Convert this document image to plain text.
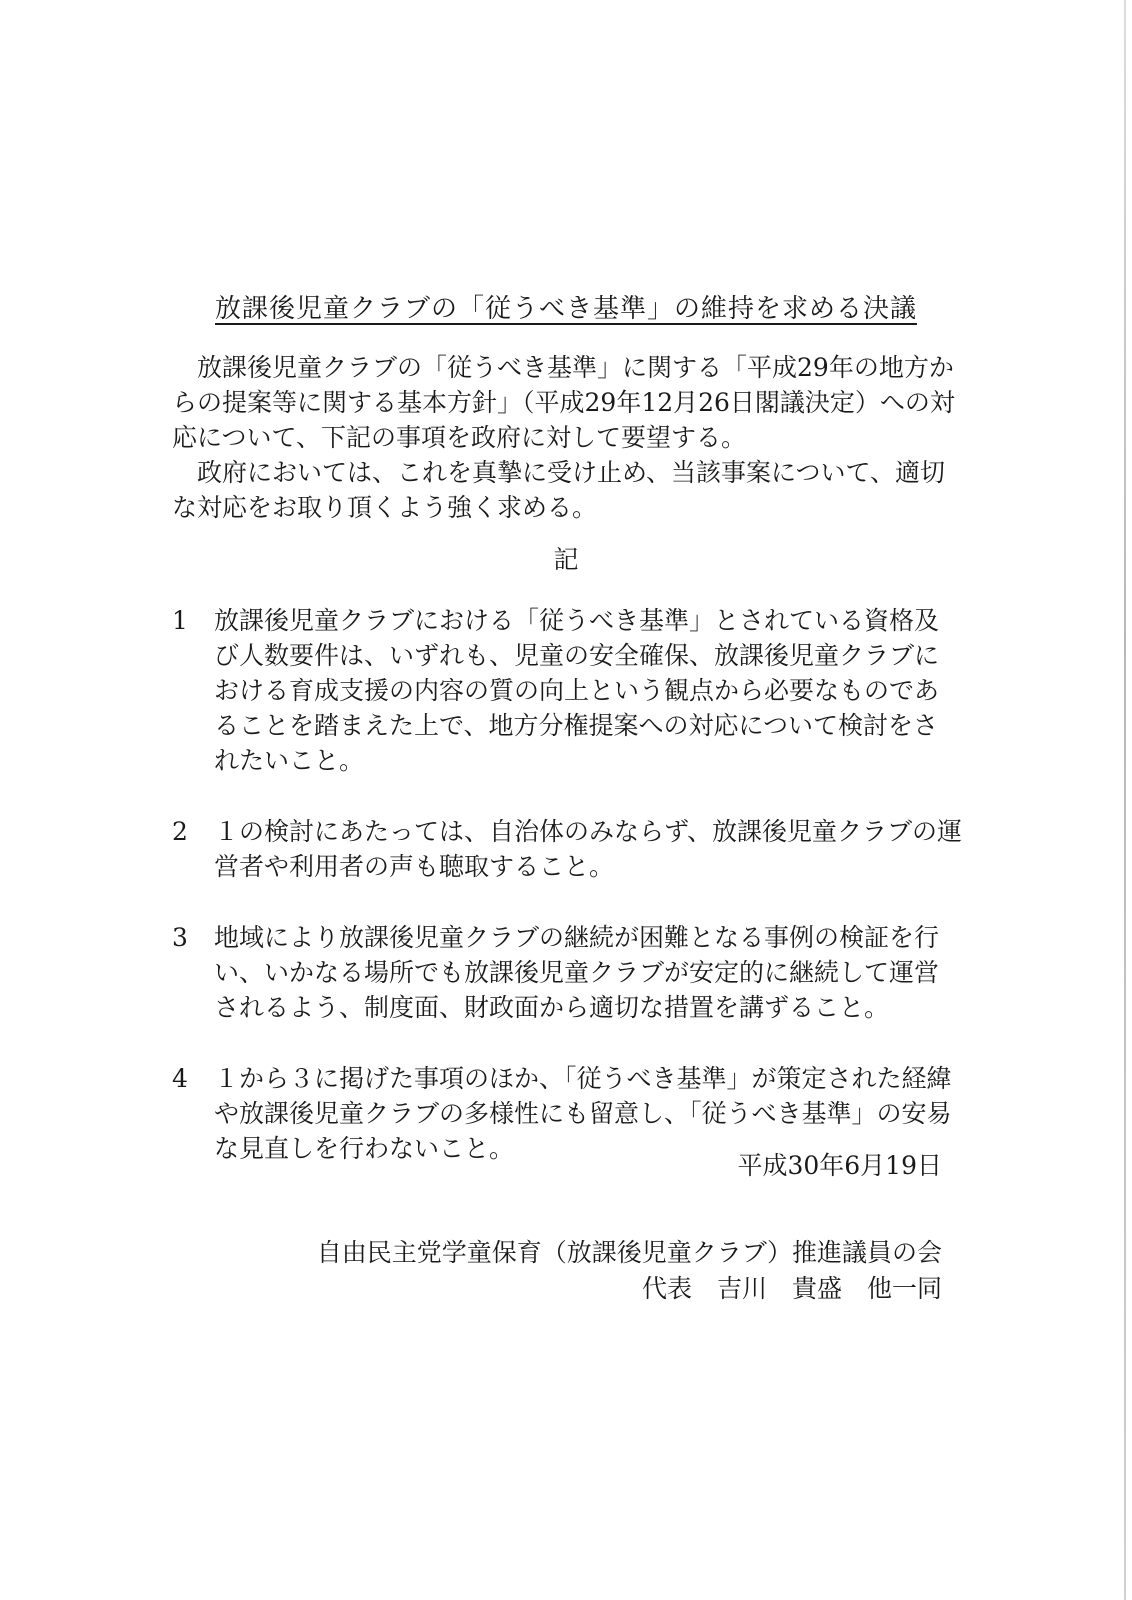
放課後児童クラブの「従うべき基準」の維持を求める決議

放課後児童クラブの「従うべき基準」に関する「平成29年の地方からの提案等に関する基本方針」（平成29年12月26日閣議決定）への対応について、下記の事項を政府に対して要望する。

政府においては、これを真摯に受け止め、当該事案について、適切な対応をお取り頂くよう強く求める。

記
1	放課後児童クラブにおける「従うべき基準」とされている資格及び人数要件は、いずれも、児童の安全確保、放課後児童クラブにおける育成支援の内容の質の向上という観点から必要なものであることを踏まえた上で、地方分権提案への対応について検討をされたいこと。
2	１の検討にあたっては、自治体のみならず、放課後児童クラブの運営者や利用者の声も聴取すること。
3	地域により放課後児童クラブの継続が困難となる事例の検証を行い、いかなる場所でも放課後児童クラブが安定的に継続して運営されるよう、制度面、財政面から適切な措置を講ずること。
4	１から３に掲げた事項のほか、「従うべき基準」が策定された経緯や放課後児童クラブの多様性にも留意し、「従うべき基準」の安易な見直しを行わないこと。
平成30年6月19日
自由民主党学童保育（放課後児童クラブ）推進議員の会
代表　吉川　貴盛　他一同
